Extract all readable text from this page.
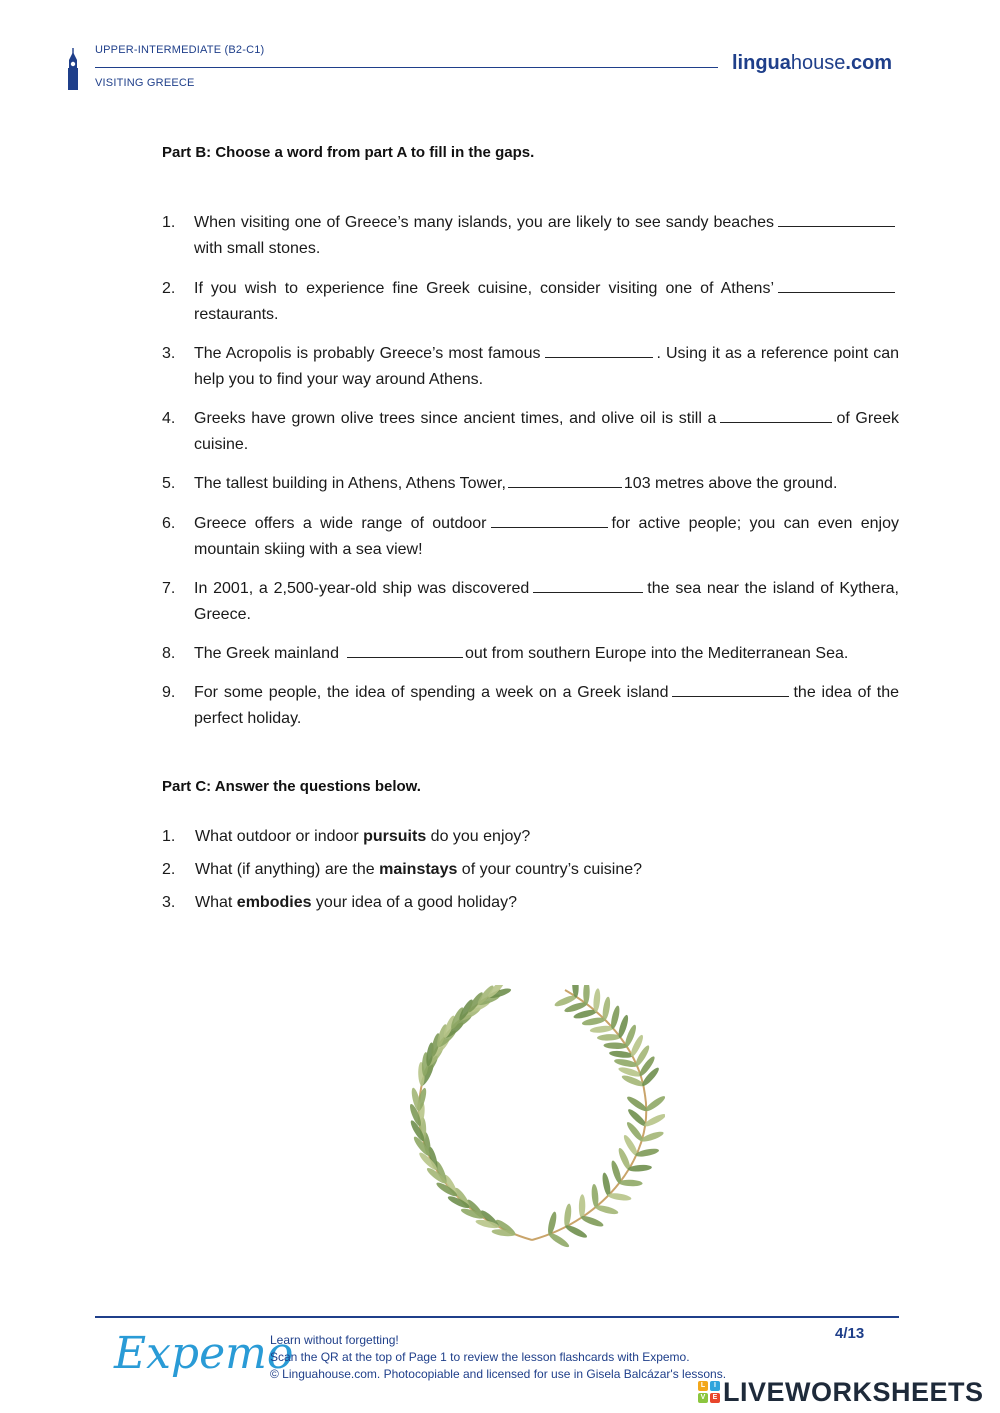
UPPER-INTERMEDIATE (B2-C1)
VISITING GREECE
linguahouse.com
Part B: Choose a word from part A to fill in the gaps.
1. When visiting one of Greece’s many islands, you are likely to see sandy beacheswith small stones.
2. If you wish to experience fine Greek cuisine, consider visiting one of Athens’restaurants.
3. The Acropolis is probably Greece’s most famous	. Using it as a reference point can help you to find your way around Athens.
4. Greeks have grown olive trees since ancient times, and olive oil is still a	of Greek cuisine.
5. The tallest building in Athens, Athens Tower,	103 metres above the ground.
6. Greece offers a wide range of outdoor	for active people; you can even enjoy mountain skiing with a sea view!
7. In 2001, a 2,500-year-old ship was discovered	the sea near the island of Kythera, Greece.
8. The Greek mainland	out from southern Europe into the Mediterranean Sea.
9. For some people, the idea of spending a week on a Greek island	the idea of the perfect holiday.
Part C: Answer the questions below.
1. What outdoor or indoor pursuits do you enjoy?
2. What (if anything) are the mainstays of your country’s cuisine?
3. What embodies your idea of a good holiday?
Expemo
Learn without forgetting!
Scan the QR at the top of Page 1 to review the lesson flashcards with Expemo.
© Linguahouse.com. Photocopiable and licensed for use in Gisela Balcázar's lessons.
4/13
L	I
V	E LIVEWORKSHEETS
